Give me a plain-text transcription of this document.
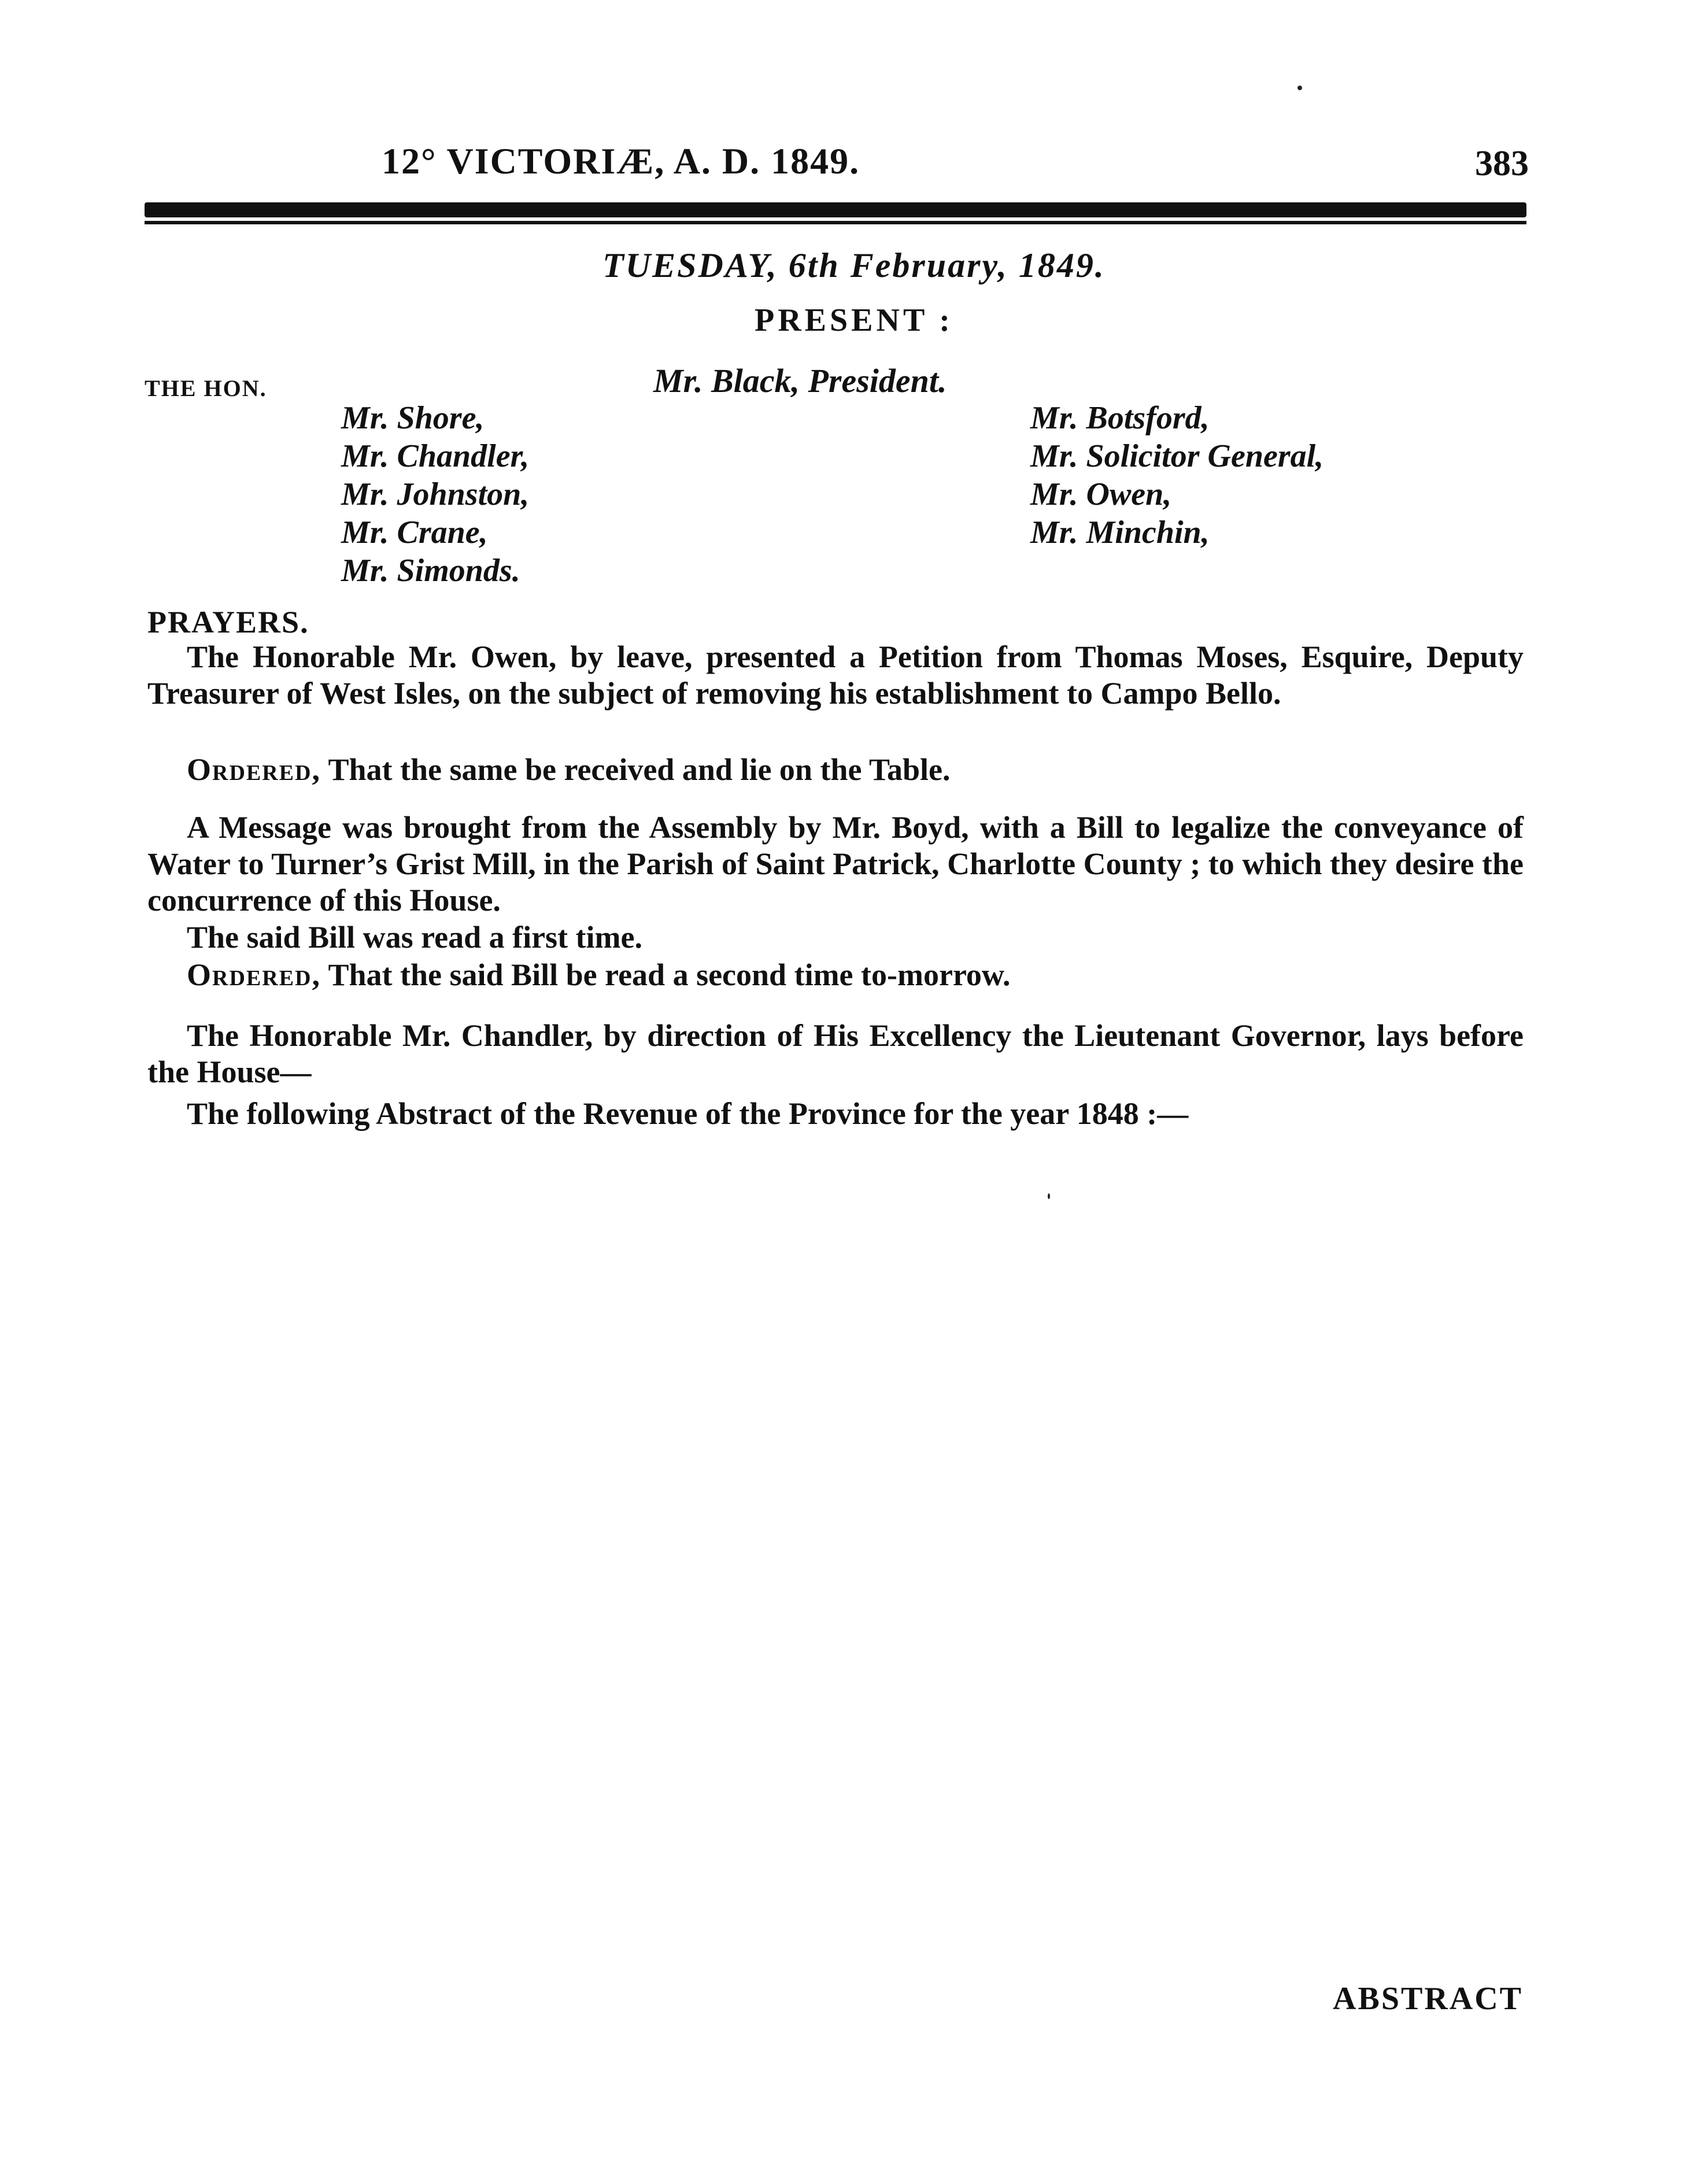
12° VICTORIÆ, A. D. 1849.	383
TUESDAY, 6th February, 1849.
PRESENT :
THE HON.	Mr. Black, President.
Mr. Shore,
Mr. Chandler,
Mr. Johnston,
Mr. Crane,
Mr. Simonds.
Mr. Botsford,
Mr. Solicitor General,
Mr. Owen,
Mr. Minchin,
PRAYERS.

The Honorable Mr. Owen, by leave, presented a Petition from Thomas Moses, Esquire, Deputy Treasurer of West Isles, on the subject of removing his establishment to Campo Bello.

Ordered, That the same be received and lie on the Table.

A Message was brought from the Assembly by Mr. Boyd, with a Bill to legalize the conveyance of Water to Turner’s Grist Mill, in the Parish of Saint Patrick, Charlotte County ; to which they desire the concurrence of this House.

The said Bill was read a first time.

Ordered, That the said Bill be read a second time to-morrow.

The Honorable Mr. Chandler, by direction of His Excellency the Lieutenant Governor, lays before the House—

The following Abstract of the Revenue of the Province for the year 1848 :—

ABSTRACT
